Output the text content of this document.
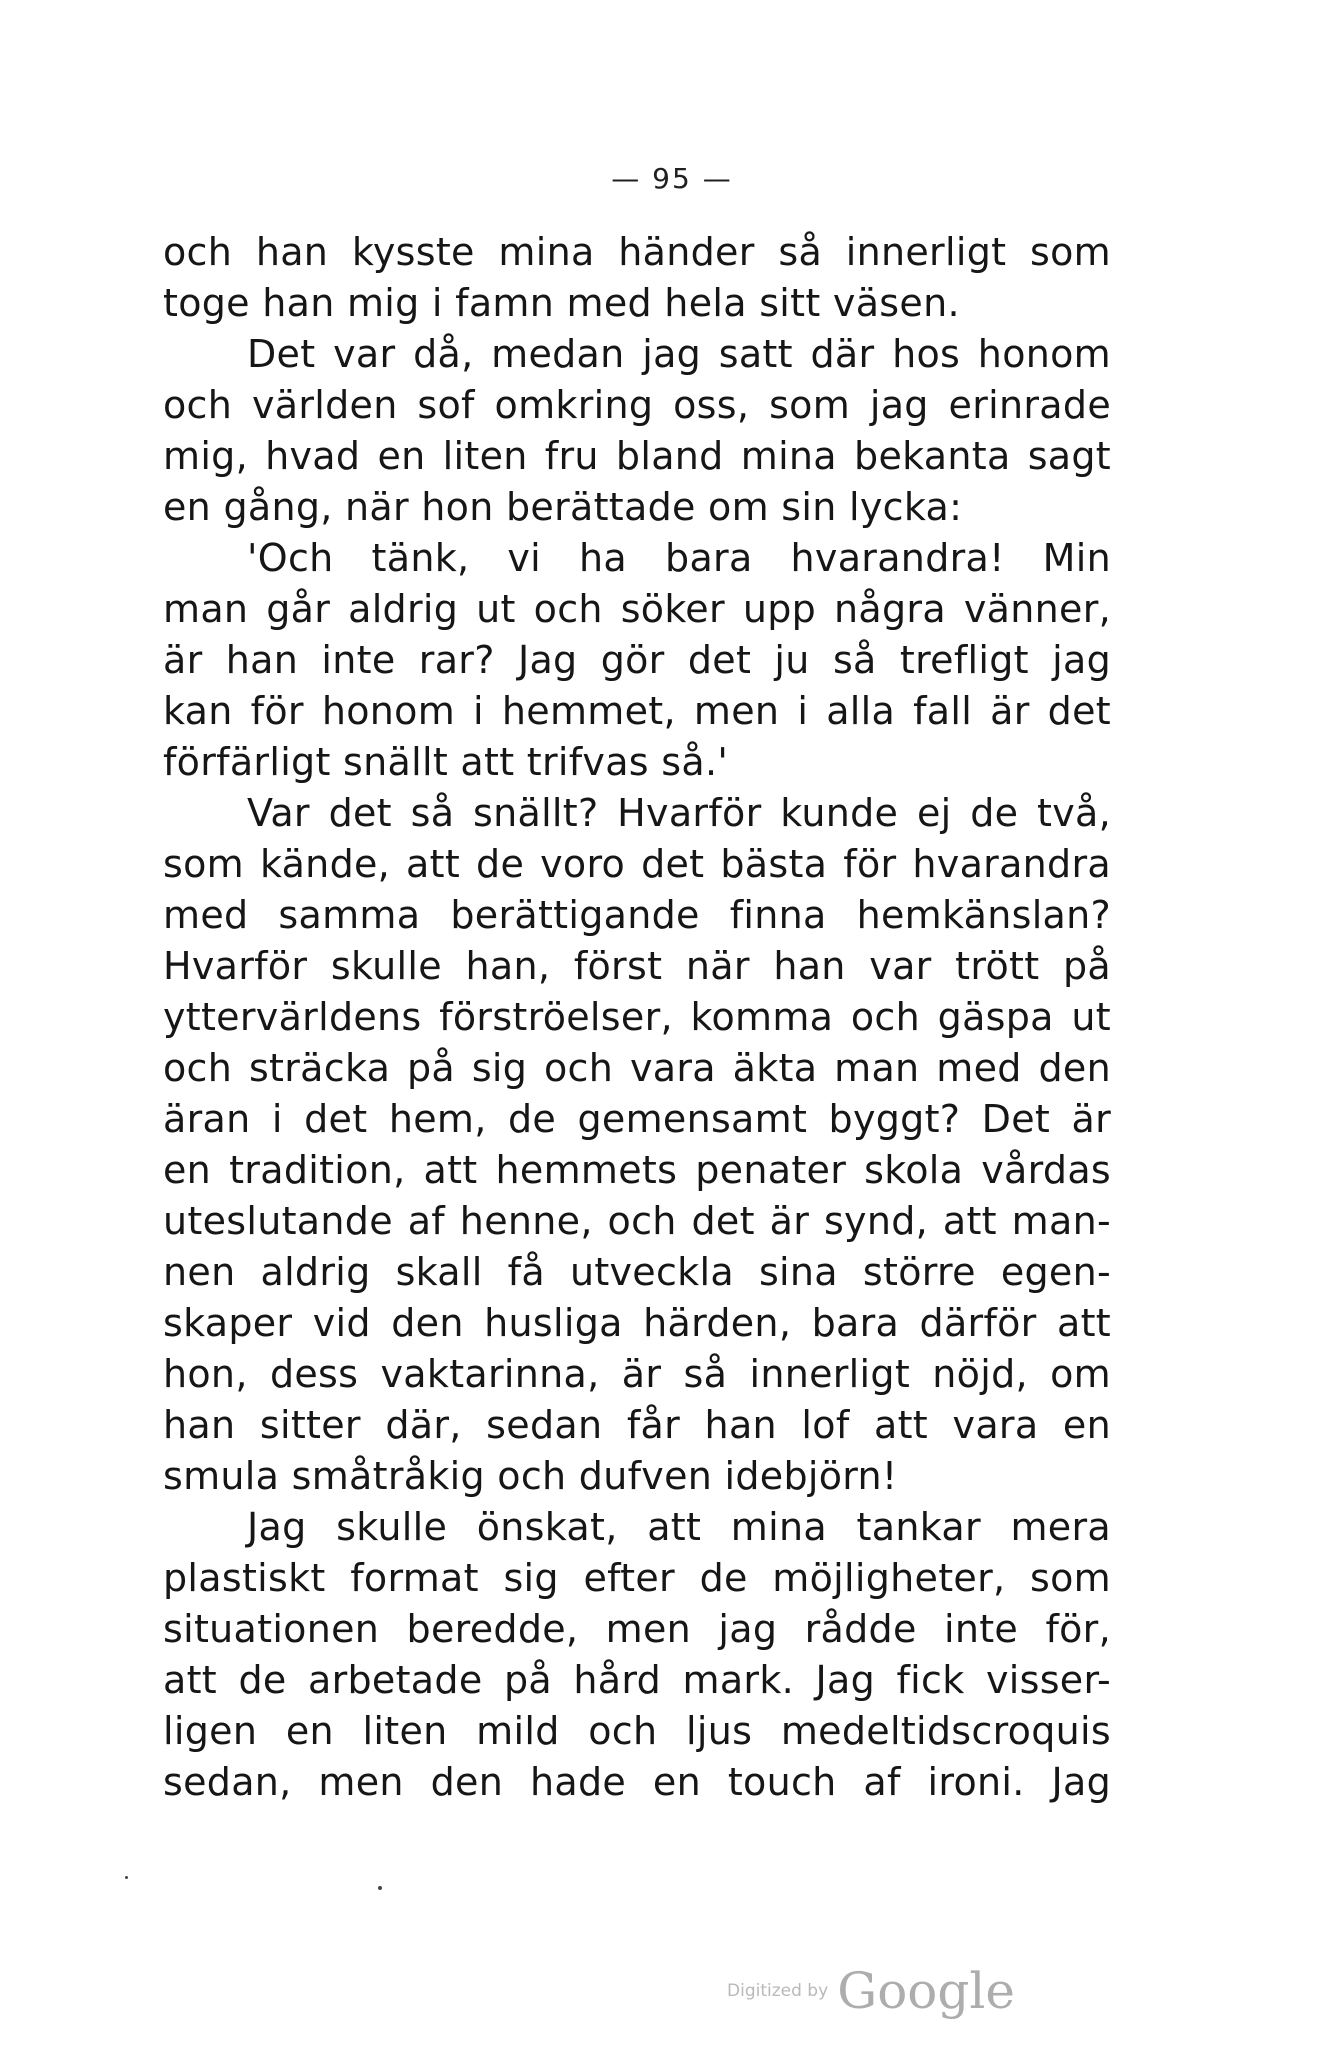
— 95 —
och han kysste mina händer så innerligt som
toge han mig i famn med hela sitt väsen.
Det var då, medan jag satt där hos honom
och världen sof omkring oss, som jag erinrade
mig, hvad en liten fru bland mina bekanta sagt
en gång, när hon berättade om sin lycka:
'Och tänk, vi ha bara hvarandra! Min
man går aldrig ut och söker upp några vänner,
är han inte rar? Jag gör det ju så trefligt jag
kan för honom i hemmet, men i alla fall är det
förfärligt snällt att trifvas så.'
Var det så snällt? Hvarför kunde ej de två,
som kände, att de voro det bästa för hvarandra
med samma berättigande finna hemkänslan?
Hvarför skulle han, först när han var trött på
yttervärldens förströelser, komma och gäspa ut
och sträcka på sig och vara äkta man med den
äran i det hem, de gemensamt byggt? Det är
en tradition, att hemmets penater skola vårdas
uteslutande af henne, och det är synd, att man-
nen aldrig skall få utveckla sina större egen-
skaper vid den husliga härden, bara därför att
hon, dess vaktarinna, är så innerligt nöjd, om
han sitter där, sedan får han lof att vara en
smula småtråkig och dufven idebjörn!
Jag skulle önskat, att mina tankar mera
plastiskt format sig efter de möjligheter, som
situationen beredde, men jag rådde inte för,
att de arbetade på hård mark. Jag fick visser-
ligen en liten mild och ljus medeltidscroquis
sedan, men den hade en touch af ironi. Jag
Digitized by Google
